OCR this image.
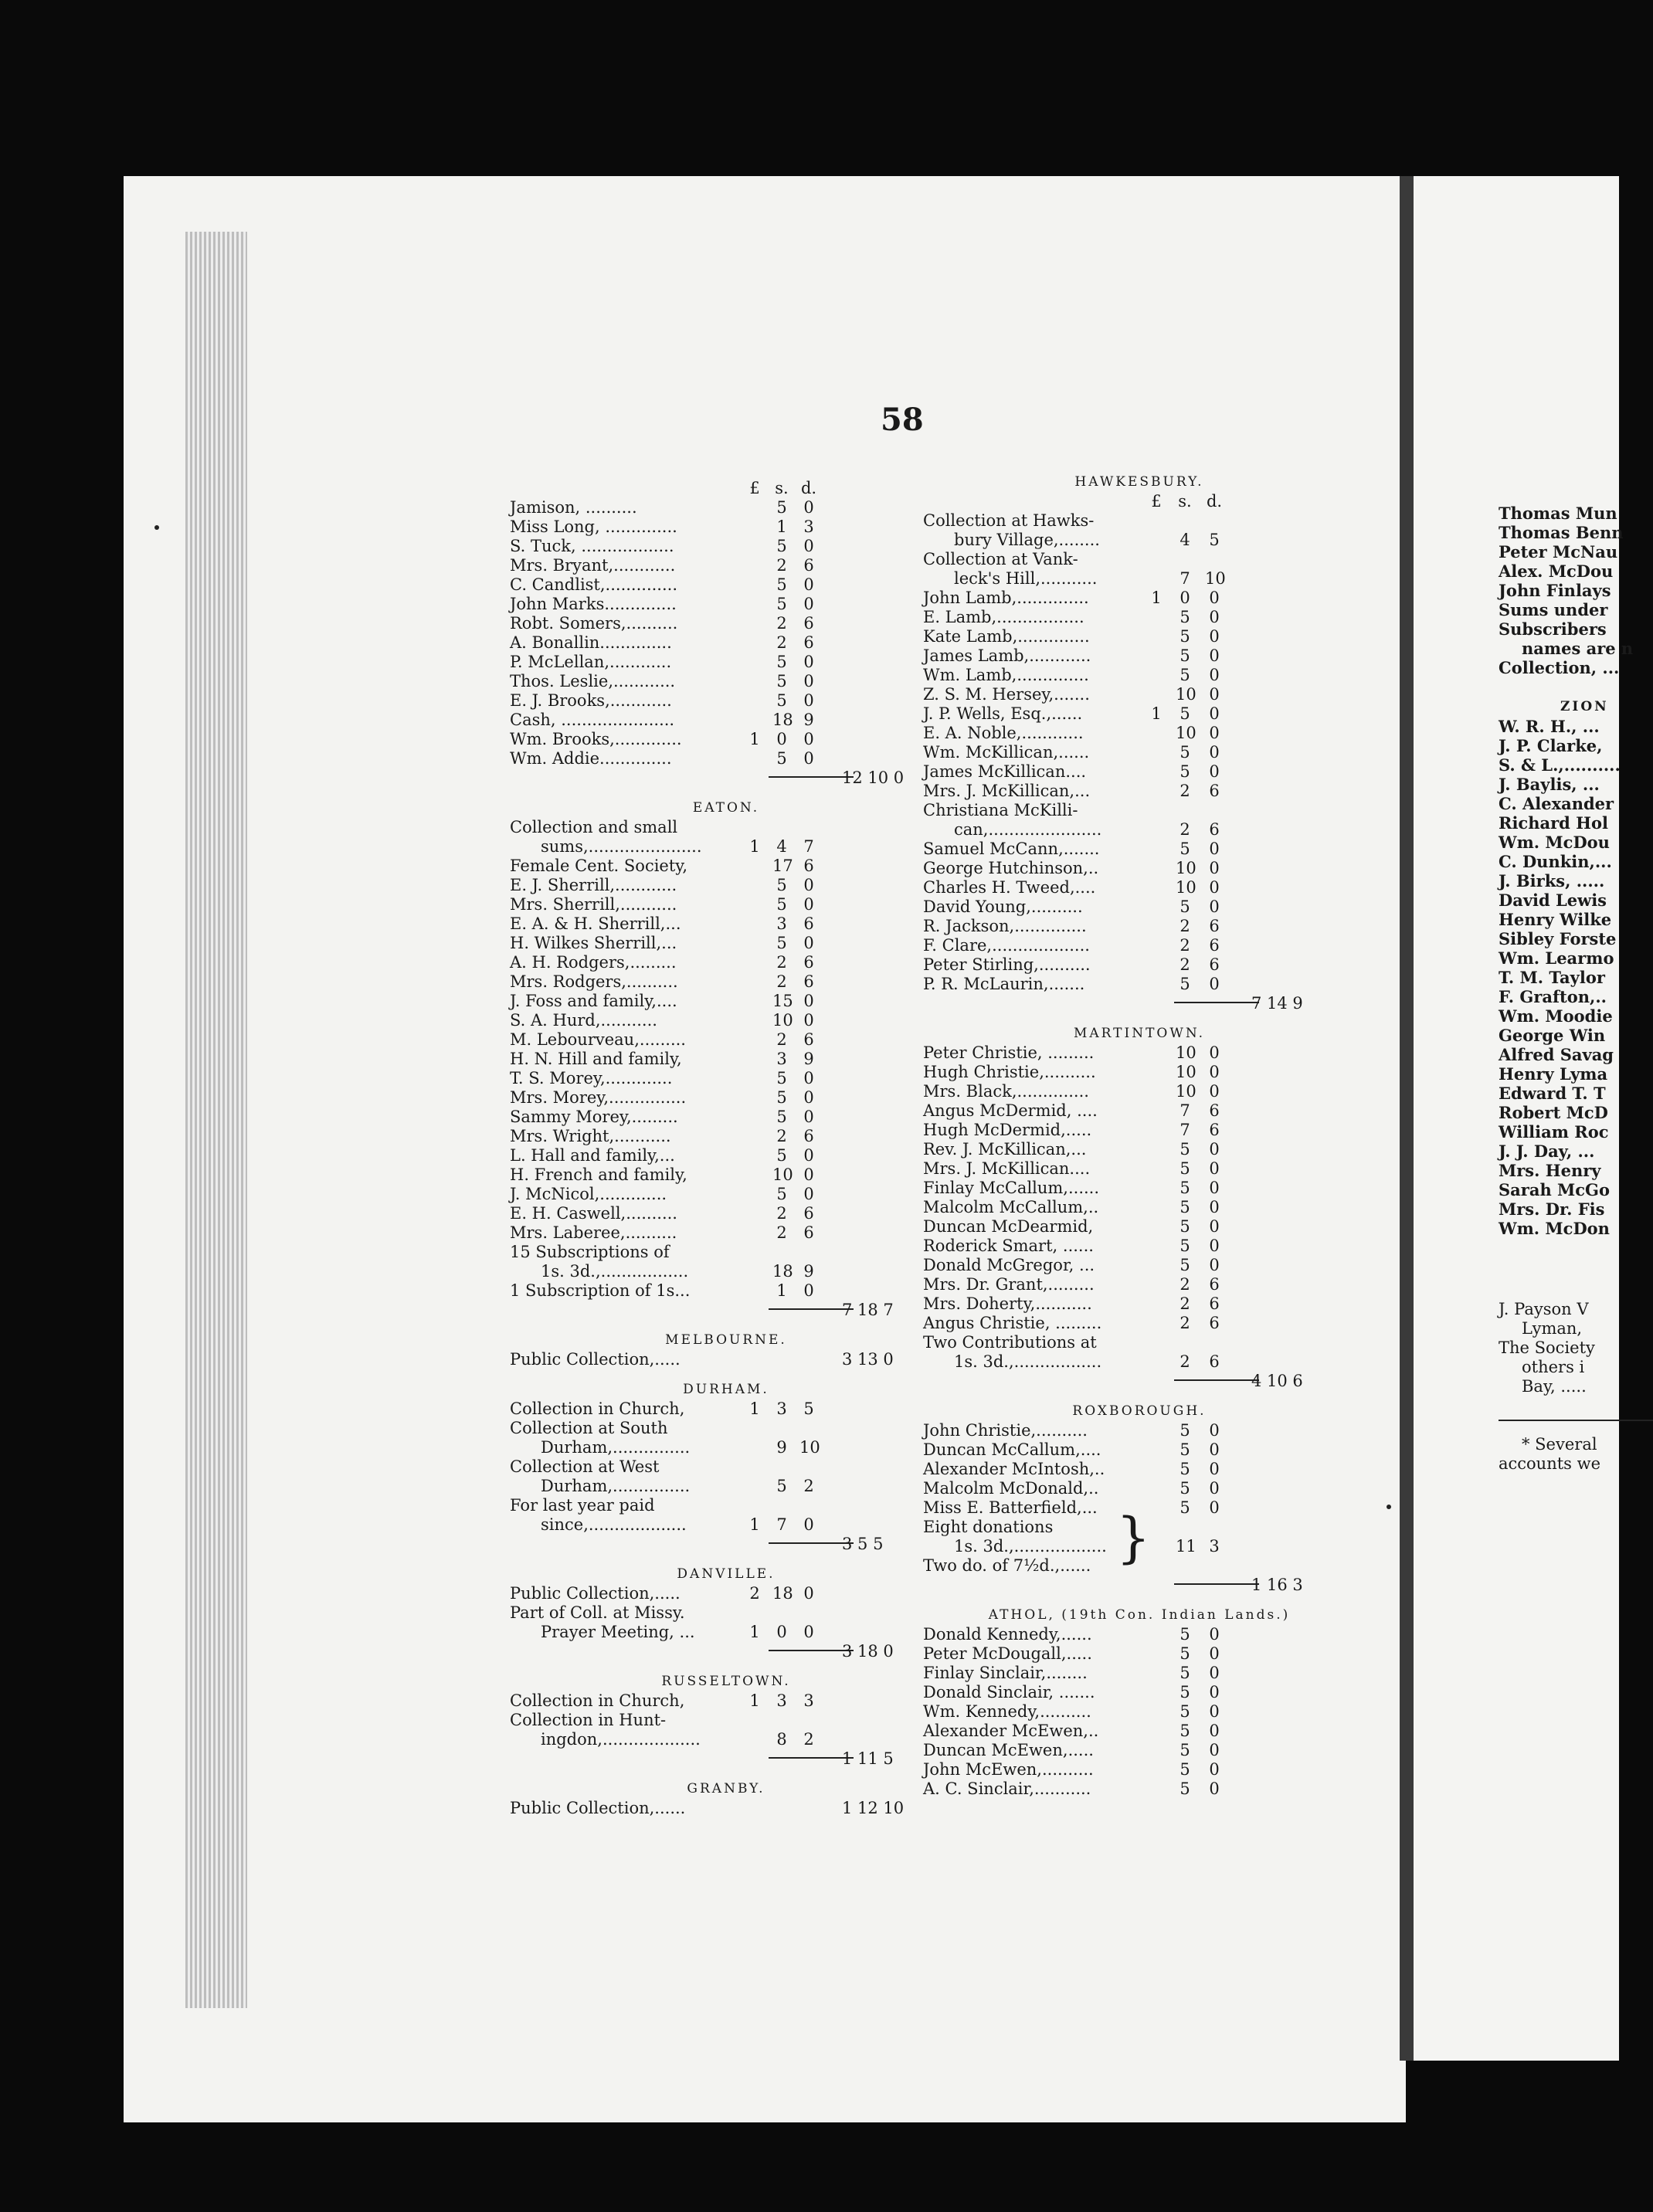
Thomas Mun
Thomas Benn
Peter McNau
Alex. McDou
John Finlays
Sums under
Subscribers
names are n
Collection, ...
ZION
W. R. H., ...
J. P. Clarke,
S. & L.,..........
J. Baylis, ...
C. Alexander
Richard Hol
Wm. McDou
C. Dunkin,...
J. Birks, .....
David Lewis
Henry Wilke
Sibley Forste
Wm. Learmo
T. M. Taylor
F. Grafton,..
Wm. Moodie
George Win
Alfred Savag
Henry Lyma
Edward T. T
Robert McD
William Roc
J. J. Day, ...
Mrs. Henry
Sarah McGo
Mrs. Dr. Fis
Wm. McDon
J. Payson V
Lyman,
The Society
others i
Bay, .....
* Several
accounts we
58
£ s. d.
Jamison, ..........	5 0
Miss Long, ..............	1 3
S. Tuck, ..................	5 0
Mrs. Bryant,............	2 6
C. Candlist,..............	5 0
John Marks..............	5 0
Robt. Somers,..........	2 6
A. Bonallin..............	2 6
P. McLellan,............	5 0
Thos. Leslie,............	5 0
E. J. Brooks,............	5 0
Cash, ......................	18 9
Wm. Brooks,.............	1 0 0
Wm. Addie..............	5 0
12 10 0
EATON.
Collection and small
sums,......................	1 4 7
Female Cent. Society,	17 6
E. J. Sherrill,............	5 0
Mrs. Sherrill,...........	5 0
E. A. & H. Sherrill,...	3 6
H. Wilkes Sherrill,...	5 0
A. H. Rodgers,.........	2 6
Mrs. Rodgers,..........	2 6
J. Foss and family,....	15 0
S. A. Hurd,...........	10 0
M. Lebourveau,.........	2 6
H. N. Hill and family,	3 9
T. S. Morey,.............	5 0
Mrs. Morey,...............	5 0
Sammy Morey,.........	5 0
Mrs. Wright,...........	2 6
L. Hall and family,...	5 0
H. French and family,	10 0
J. McNicol,.............	5 0
E. H. Caswell,..........	2 6
Mrs. Laberee,..........	2 6
15 Subscriptions of
1s. 3d.,.................	18 9
1 Subscription of 1s...	1 0
7 18 7
MELBOURNE.
Public Collection,.....	3 13 0
DURHAM.
Collection in Church,	1 3 5
Collection at South
Durham,...............	9 10
Collection at West
Durham,...............	5 2
For last year paid
since,...................	1 7 0
3 5 5
DANVILLE.
Public Collection,.....	2 18 0
Part of Coll. at Missy.
Prayer Meeting, ...	1 0 0
3 18 0
RUSSELTOWN.
Collection in Church,	1 3 3
Collection in Hunt-
ingdon,...................	8 2
1 11 5
GRANBY.
Public Collection,......	1 12 10
HAWKESBURY.
£ s. d.
Collection at Hawks-
bury Village,........	4 5
Collection at Vank-
leck's Hill,...........	7 10
John Lamb,..............	1 0 0
E. Lamb,.................	5 0
Kate Lamb,..............	5 0
James Lamb,............	5 0
Wm. Lamb,..............	5 0
Z. S. M. Hersey,.......	10 0
J. P. Wells, Esq.,......	1 5 0
E. A. Noble,............	10 0
Wm. McKillican,......	5 0
James McKillican....	5 0
Mrs. J. McKillican,...	2 6
Christiana McKilli-
can,......................	2 6
Samuel McCann,.......	5 0
George Hutchinson,..	10 0
Charles H. Tweed,....	10 0
David Young,..........	5 0
R. Jackson,..............	2 6
F. Clare,...................	2 6
Peter Stirling,..........	2 6
P. R. McLaurin,.......	5 0
7 14 9
MARTINTOWN.
Peter Christie, .........	10 0
Hugh Christie,..........	10 0
Mrs. Black,..............	10 0
Angus McDermid, ....	7 6
Hugh McDermid,.....	7 6
Rev. J. McKillican,...	5 0
Mrs. J. McKillican....	5 0
Finlay McCallum,......	5 0
Malcolm McCallum,..	5 0
Duncan McDearmid,	5 0
Roderick Smart, ......	5 0
Donald McGregor, ...	5 0
Mrs. Dr. Grant,.........	2 6
Mrs. Doherty,...........	2 6
Angus Christie, .........	2 6
Two Contributions at
1s. 3d.,.................	2 6
4 10 6
ROXBOROUGH.
John Christie,..........	5 0
Duncan McCallum,....	5 0
Alexander McIntosh,..	5 0
Malcolm McDonald,..	5 0
Miss E. Batterfield,...	5 0
Eight donations }
1s. 3d.,..................	11 3
Two do. of 7½d.,......
1 16 3
ATHOL, (19th Con. Indian Lands.)
Donald Kennedy,......	5 0
Peter McDougall,.....	5 0
Finlay Sinclair,........	5 0
Donald Sinclair, .......	5 0
Wm. Kennedy,..........	5 0
Alexander McEwen,..	5 0
Duncan McEwen,.....	5 0
John McEwen,..........	5 0
A. C. Sinclair,...........	5 0
